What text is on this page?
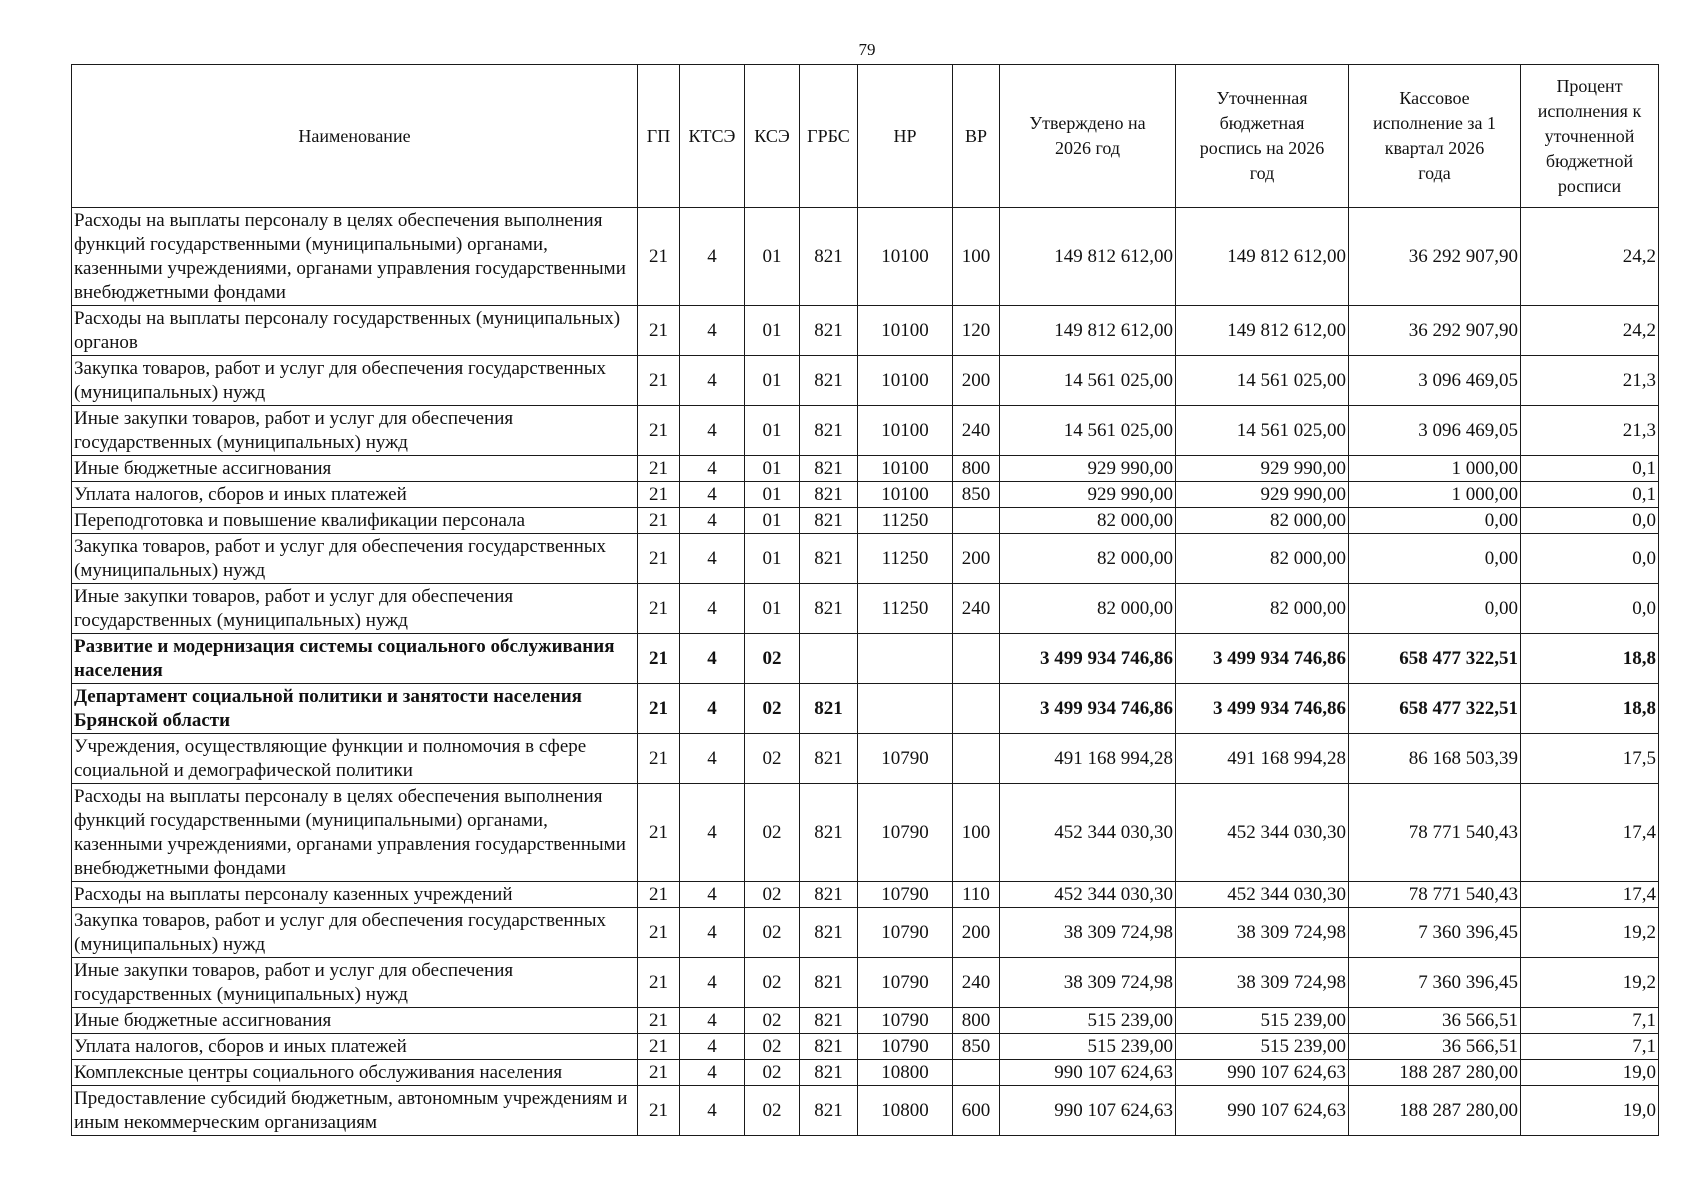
79
Наименование	ГП	КТСЭ	КСЭ	ГРБС	НР	ВР	Утверждено на 2026 год	Уточненная бюджетная роспись на 2026 год	Кассовое исполнение за 1 квартал 2026 года	Процент исполнения к уточненной бюджетной росписи
Расходы на выплаты персоналу в целях обеспечения выполнения функций государственными (муниципальными) органами, казенными учреждениями, органами управления государственными внебюджетными фондами	21	4	01	821	10100	100	149 812 612,00	149 812 612,00	36 292 907,90	24,2
Расходы на выплаты персоналу государственных (муниципальных) органов	21	4	01	821	10100	120	149 812 612,00	149 812 612,00	36 292 907,90	24,2
Закупка товаров, работ и услуг для обеспечения государственных (муниципальных) нужд	21	4	01	821	10100	200	14 561 025,00	14 561 025,00	3 096 469,05	21,3
Иные закупки товаров, работ и услуг для обеспечения государственных (муниципальных) нужд	21	4	01	821	10100	240	14 561 025,00	14 561 025,00	3 096 469,05	21,3
Иные бюджетные ассигнования	21	4	01	821	10100	800	929 990,00	929 990,00	1 000,00	0,1
Уплата налогов, сборов и иных платежей	21	4	01	821	10100	850	929 990,00	929 990,00	1 000,00	0,1
Переподготовка и повышение квалификации персонала	21	4	01	821	11250		82 000,00	82 000,00	0,00	0,0
Закупка товаров, работ и услуг для обеспечения государственных (муниципальных) нужд	21	4	01	821	11250	200	82 000,00	82 000,00	0,00	0,0
Иные закупки товаров, работ и услуг для обеспечения государственных (муниципальных) нужд	21	4	01	821	11250	240	82 000,00	82 000,00	0,00	0,0
Развитие и модернизация системы социального обслуживания населения	21	4	02				3 499 934 746,86	3 499 934 746,86	658 477 322,51	18,8
Департамент социальной политики и занятости населения Брянской области	21	4	02	821			3 499 934 746,86	3 499 934 746,86	658 477 322,51	18,8
Учреждения, осуществляющие функции и полномочия в сфере социальной и демографической политики	21	4	02	821	10790		491 168 994,28	491 168 994,28	86 168 503,39	17,5
Расходы на выплаты персоналу в целях обеспечения выполнения функций государственными (муниципальными) органами, казенными учреждениями, органами управления государственными внебюджетными фондами	21	4	02	821	10790	100	452 344 030,30	452 344 030,30	78 771 540,43	17,4
Расходы на выплаты персоналу казенных учреждений	21	4	02	821	10790	110	452 344 030,30	452 344 030,30	78 771 540,43	17,4
Закупка товаров, работ и услуг для обеспечения государственных (муниципальных) нужд	21	4	02	821	10790	200	38 309 724,98	38 309 724,98	7 360 396,45	19,2
Иные закупки товаров, работ и услуг для обеспечения государственных (муниципальных) нужд	21	4	02	821	10790	240	38 309 724,98	38 309 724,98	7 360 396,45	19,2
Иные бюджетные ассигнования	21	4	02	821	10790	800	515 239,00	515 239,00	36 566,51	7,1
Уплата налогов, сборов и иных платежей	21	4	02	821	10790	850	515 239,00	515 239,00	36 566,51	7,1
Комплексные центры социального обслуживания населения	21	4	02	821	10800		990 107 624,63	990 107 624,63	188 287 280,00	19,0
Предоставление субсидий бюджетным, автономным учреждениям и иным некоммерческим организациям	21	4	02	821	10800	600	990 107 624,63	990 107 624,63	188 287 280,00	19,0
